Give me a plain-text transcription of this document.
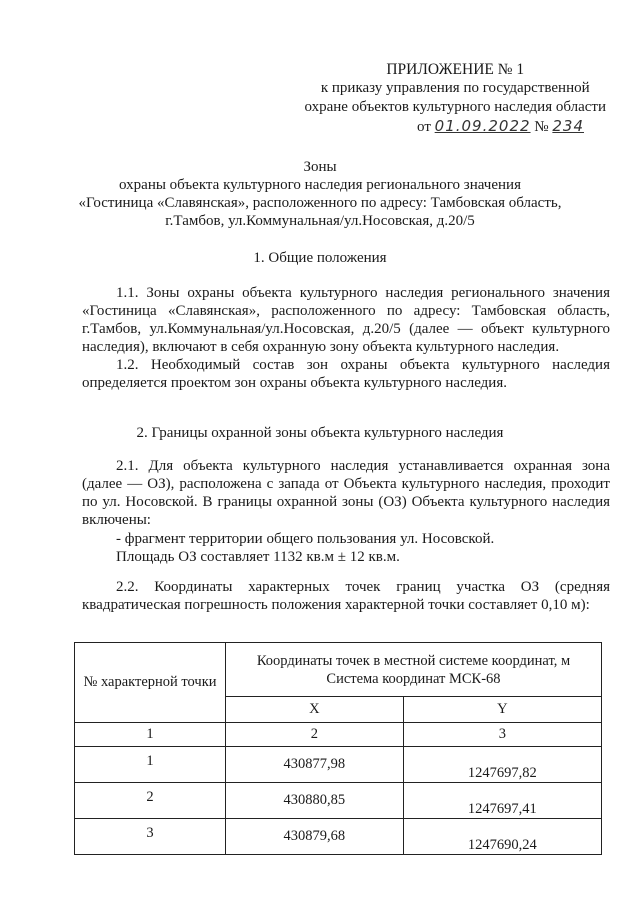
ПРИЛОЖЕНИЕ № 1
к приказу управления по государственной
охране объектов культурного наследия области
от 01.09.2022 № 234
Зоны
охраны объекта культурного наследия регионального значения
«Гостиница «Славянская», расположенного по адресу: Тамбовская область,
г.Тамбов, ул.Коммунальная/ул.Носовская, д.20/5
1. Общие положения
1.1. Зоны охраны объекта культурного наследия регионального значения «Гостиница «Славянская», расположенного по адресу: Тамбовская область, г.Тамбов, ул.Коммунальная/ул.Носовская, д.20/5 (далее — объект культурного наследия), включают в себя охранную зону объекта культурного наследия.
1.2. Необходимый состав зон охраны объекта культурного наследия определяется проектом зон охраны объекта культурного наследия.
2. Границы охранной зоны объекта культурного наследия
2.1. Для объекта культурного наследия устанавливается охранная зона (далее — ОЗ), расположена с запада от Объекта культурного наследия, проходит по ул. Носовской. В границы охранной зоны (ОЗ) Объекта культурного наследия включены:
- фрагмент территории общего пользования ул. Носовской.
Площадь ОЗ составляет 1132 кв.м ± 12 кв.м.
2.2. Координаты характерных точек границ участка ОЗ (средняя квадратическая погрешность положения характерной точки составляет 0,10 м):
№ характерной точки	Координаты точек в местной системе координат, м
Система координат МСК-68	

	X	Y
1	2	3
1	430877,98	1247697,82
2	430880,85	1247697,41
3	430879,68	1247690,24
